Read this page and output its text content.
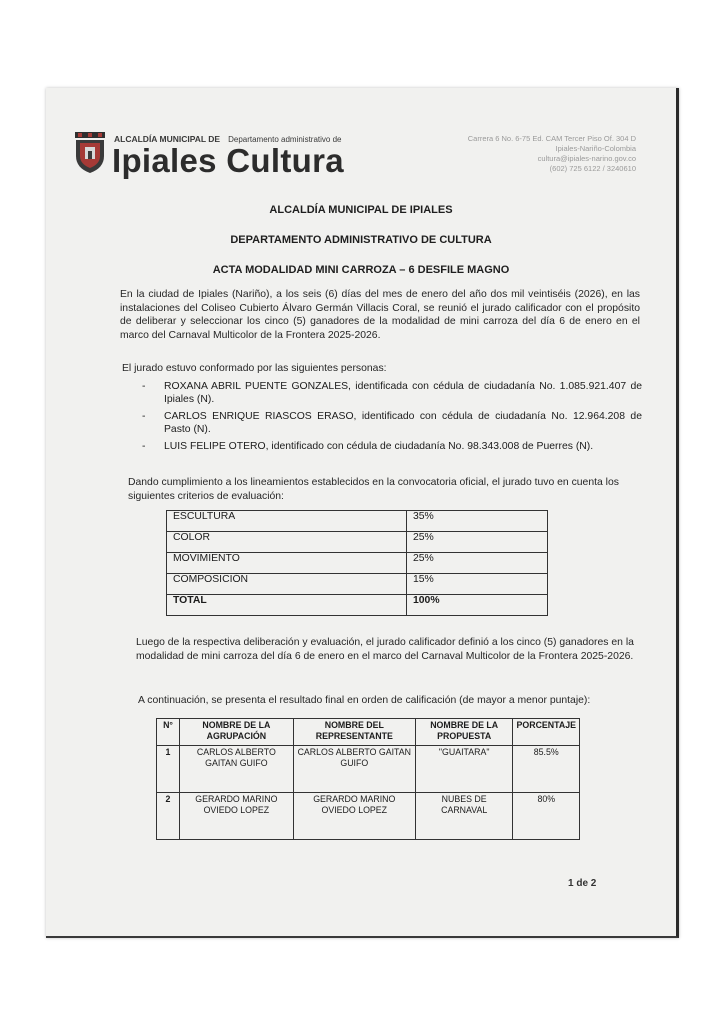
ALCALDÍA MUNICIPAL DE Departamento administrativo de
Ipiales Cultura
Carrera 6 No. 6-75 Ed. CAM Tercer Piso Of. 304 D
Ipiales-Nariño-Colombia
cultura@ipiales-narino.gov.co
(602) 725 6122 / 3240610
ALCALDÍA MUNICIPAL DE IPIALES
DEPARTAMENTO ADMINISTRATIVO DE CULTURA
ACTA MODALIDAD MINI CARROZA – 6 DESFILE MAGNO
En la ciudad de Ipiales (Nariño), a los seis (6) días del mes de enero del año dos mil veintiséis (2026), en las instalaciones del Coliseo Cubierto Álvaro Germán Villacis Coral, se reunió el jurado calificador con el propósito de deliberar y seleccionar los cinco (5) ganadores de la modalidad de mini carroza del día 6 de enero en el marco del Carnaval Multicolor de la Frontera 2025-2026.
El jurado estuvo conformado por las siguientes personas:
- ROXANA ABRIL PUENTE GONZALES, identificada con cédula de ciudadanía No. 1.085.921.407 de Ipiales (N).
- CARLOS ENRIQUE RIASCOS ERASO, identificado con cédula de ciudadanía No. 12.964.208 de Pasto (N).
- LUIS FELIPE OTERO, identificado con cédula de ciudadanía No. 98.343.008 de Puerres (N).
Dando cumplimiento a los lineamientos establecidos en la convocatoria oficial, el jurado tuvo en cuenta los siguientes criterios de evaluación:
ESCULTURA	35%
COLOR	25%
MOVIMIENTO	25%
COMPOSICIÓN	15%
TOTAL	100%
Luego de la respectiva deliberación y evaluación, el jurado calificador definió a los cinco (5) ganadores en la modalidad de mini carroza del día 6 de enero en el marco del Carnaval Multicolor de la Frontera 2025-2026.
A continuación, se presenta el resultado final en orden de calificación (de mayor a menor puntaje):
N°	NOMBRE DE LA AGRUPACIÓN	NOMBRE DEL REPRESENTANTE	NOMBRE DE LA PROPUESTA	PORCENTAJE
1	CARLOS ALBERTO GAITAN GUIFO	CARLOS ALBERTO GAITAN GUIFO	"GUAITARA"	85.5%
2	GERARDO MARINO OVIEDO LOPEZ	GERARDO MARINO OVIEDO LOPEZ	NUBES DE CARNAVAL	80%
1 de 2
